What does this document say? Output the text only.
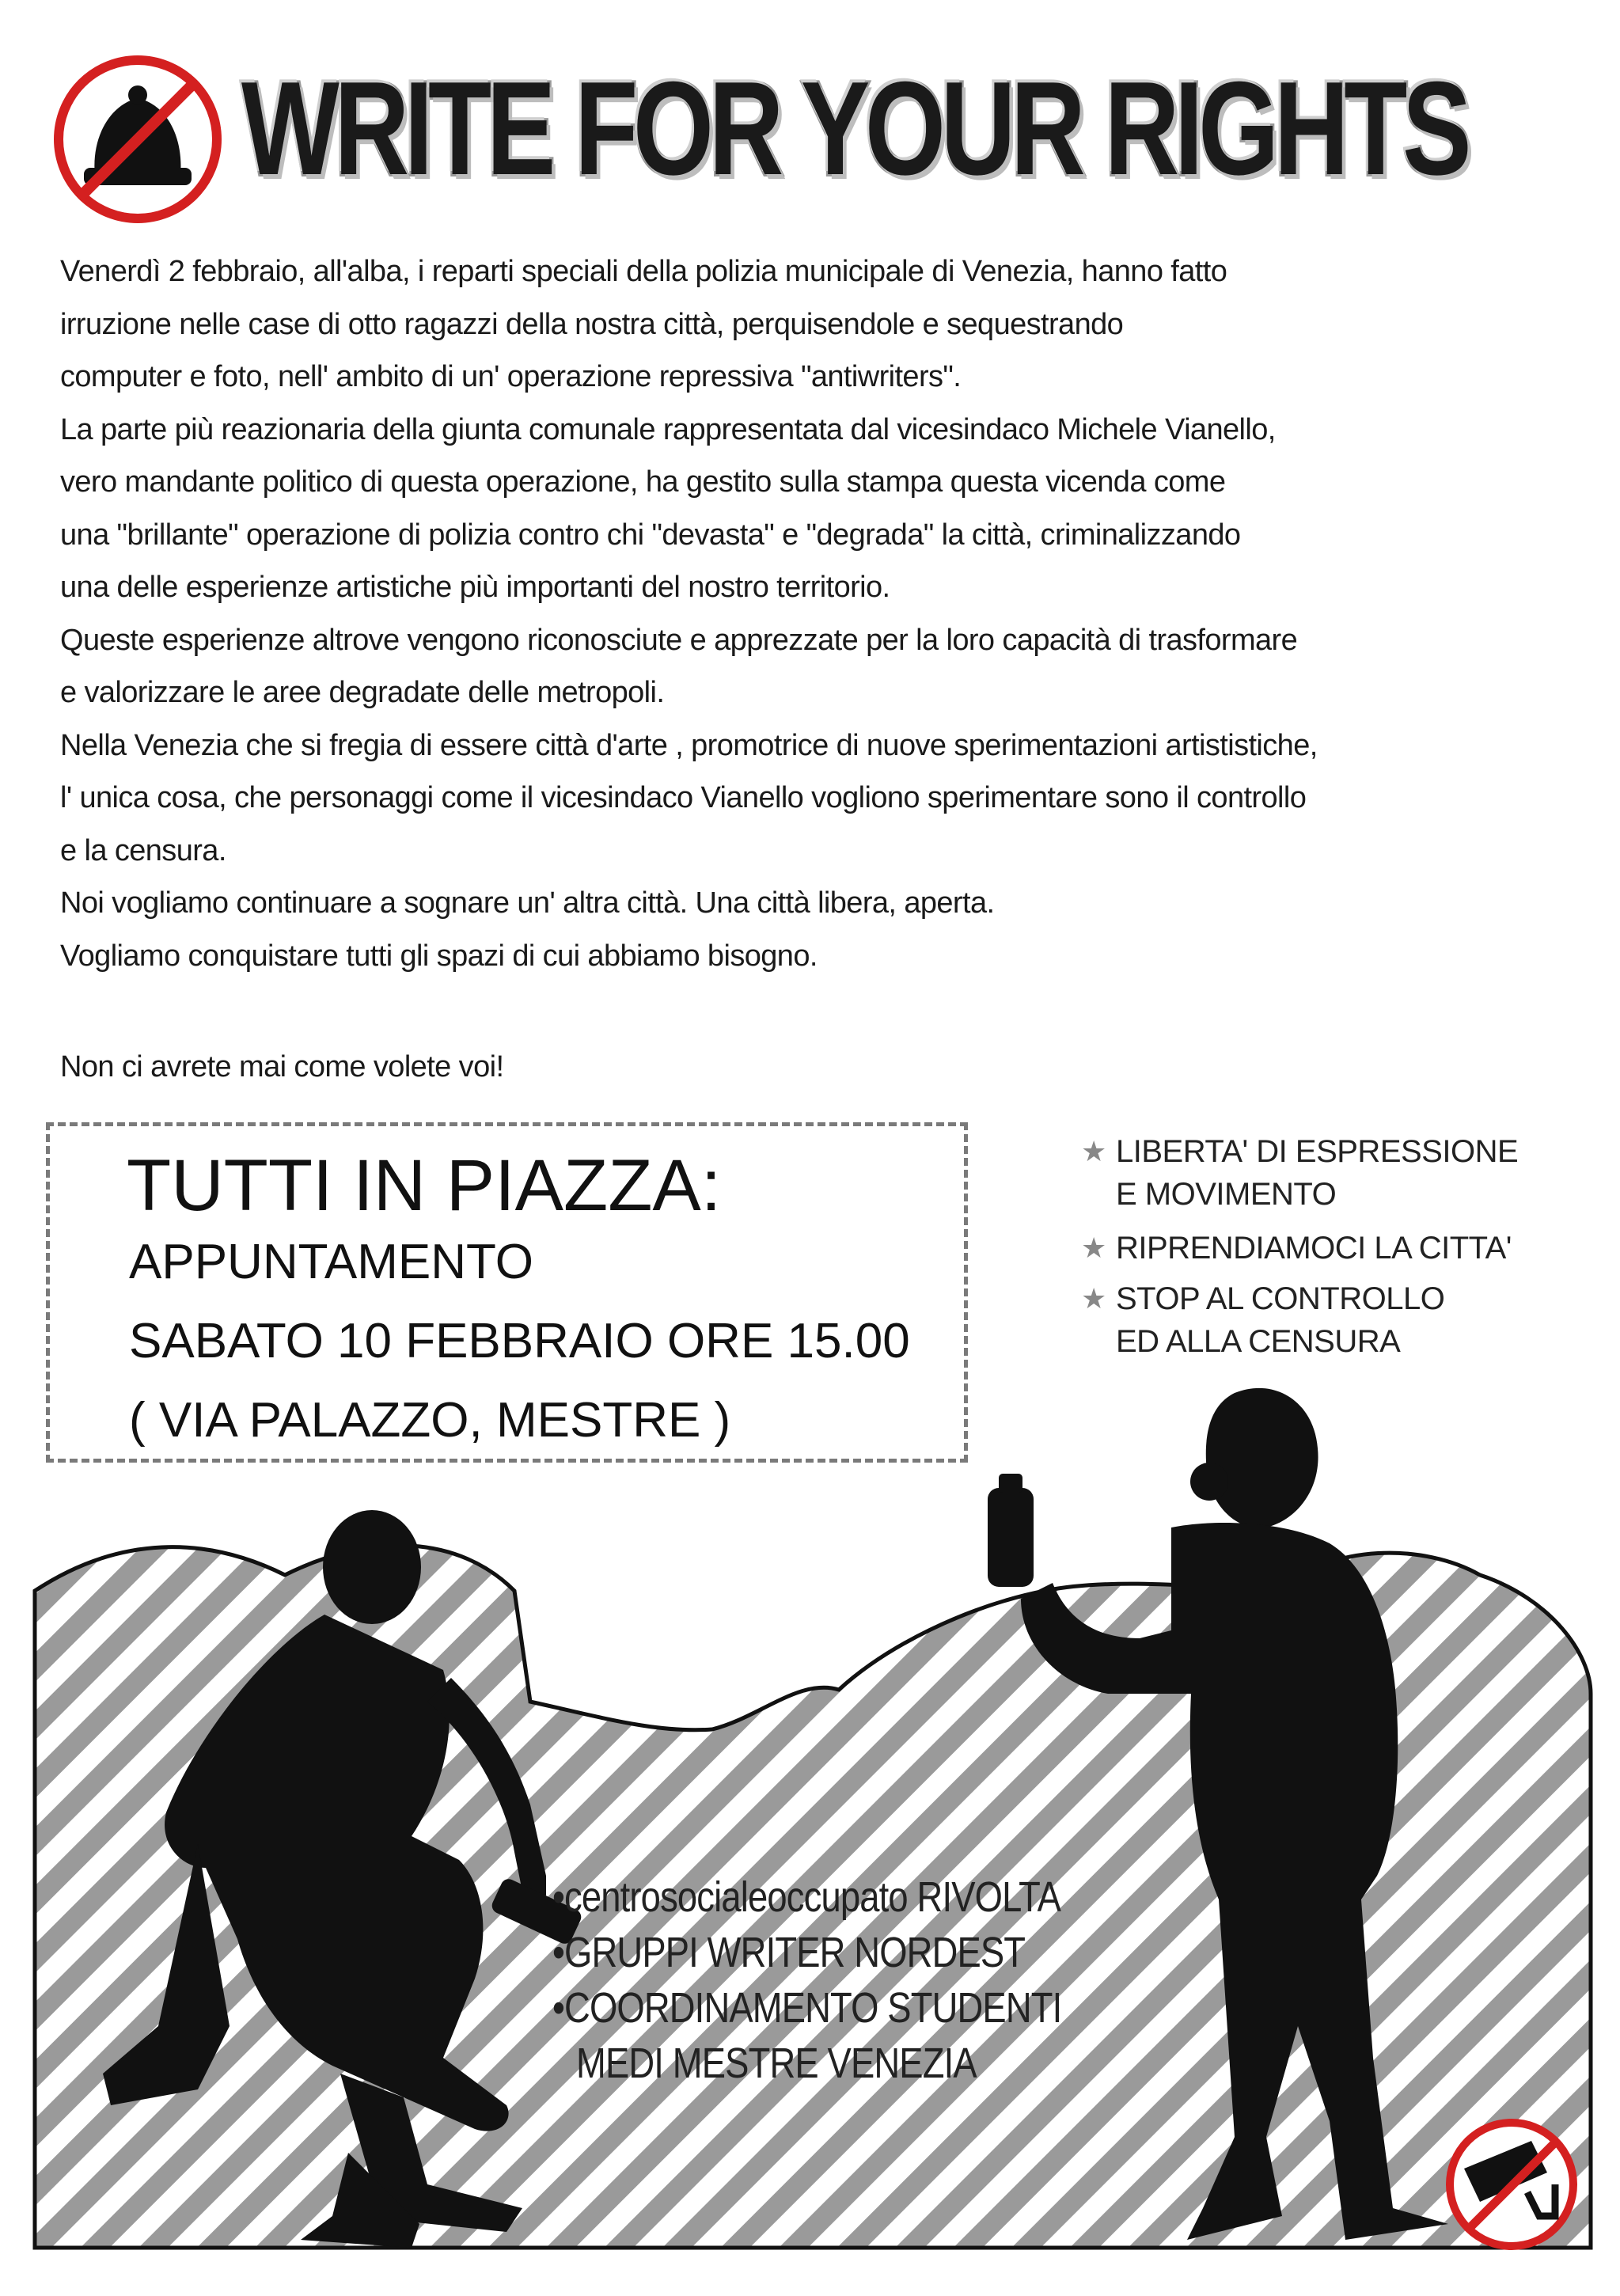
WRITE FOR YOUR RIGHTS

Venerdì 2 febbraio, all'alba, i reparti speciali della polizia municipale di Venezia, hanno fatto

irruzione nelle case di otto ragazzi della nostra città, perquisendole e sequestrando

computer e foto, nell' ambito di un' operazione repressiva "antiwriters".

La parte più reazionaria della giunta comunale rappresentata dal vicesindaco Michele Vianello,

vero mandante politico di questa operazione, ha gestito sulla stampa questa vicenda come

una "brillante" operazione di polizia contro chi "devasta" e "degrada" la città, criminalizzando

una delle esperienze artistiche più importanti del nostro territorio.

Queste esperienze altrove vengono riconosciute e apprezzate per la loro capacità di trasformare

e valorizzare le aree degradate delle metropoli.

Nella Venezia che si fregia di essere città d'arte , promotrice di nuove sperimentazioni artististiche,

l' unica cosa, che personaggi come il vicesindaco Vianello vogliono sperimentare sono il controllo

e la censura.

Noi vogliamo continuare a sognare un' altra città. Una città libera, aperta.

Vogliamo conquistare tutti gli spazi di cui abbiamo bisogno.

Non ci avrete mai come volete voi!
TUTTI IN PIAZZA:
APPUNTAMENTO
SABATO 10 FEBBRAIO ORE 15.00
( VIA PALAZZO, MESTRE )
★ LIBERTA' DI ESPRESSIONE
E MOVIMENTO
★ RIPRENDIAMOCI LA CITTA'
★ STOP AL CONTROLLO
ED ALLA CENSURA
•centrosocialeoccupato RIVOLTA
•GRUPPI WRITER NORDEST
•COORDINAMENTO STUDENTI
MEDI MESTRE VENEZIA
